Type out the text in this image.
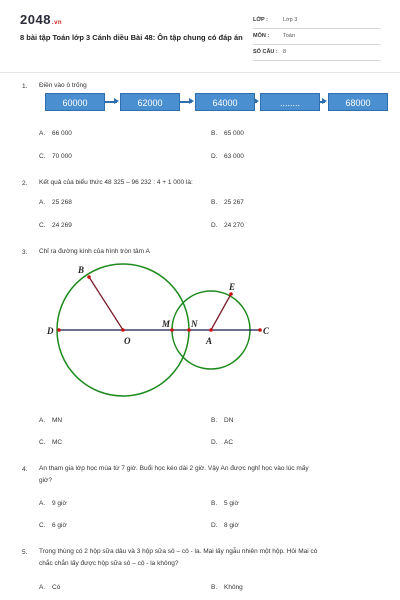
2048.vn
8 bài tập Toán lớp 3 Cánh diều Bài 48: Ôn tập chung có đáp án
LỚP :	Lớp 3
MÔN :	Toán
SỐ CÂU : 8
1. Điền vào ô trống
60000	62000	64000	........	68000
A. 66 000	B. 65 000
C. 70 000	D. 63 000
2. Kết quả của biểu thức 48 325 – 96 232 : 4 + 1 000 là:
A. 25 268	B. 25 267
C. 24 269	D. 24 270
3. Chỉ ra đường kính của hình tròn tâm A
B
E
D
M N
C
O	A
A. MN	B. DN
C. MC	D. AC
4. An tham gia lớp học múa từ 7 giờ. Buổi học kéo dài 2 giờ. Vậy An được nghỉ học vào lúc mấy
giờ?
A. 9 giờ	B. 5 giờ
C. 6 giờ	D. 8 giờ
5. Trong thùng có 2 hộp sữa dâu và 3 hộp sữa sô – cô - la. Mai lấy ngẫu nhiên một hộp. Hỏi Mai có
chắc chắn lấy được hộp sữa sô – cô - la không?
A. Có	B. Không
